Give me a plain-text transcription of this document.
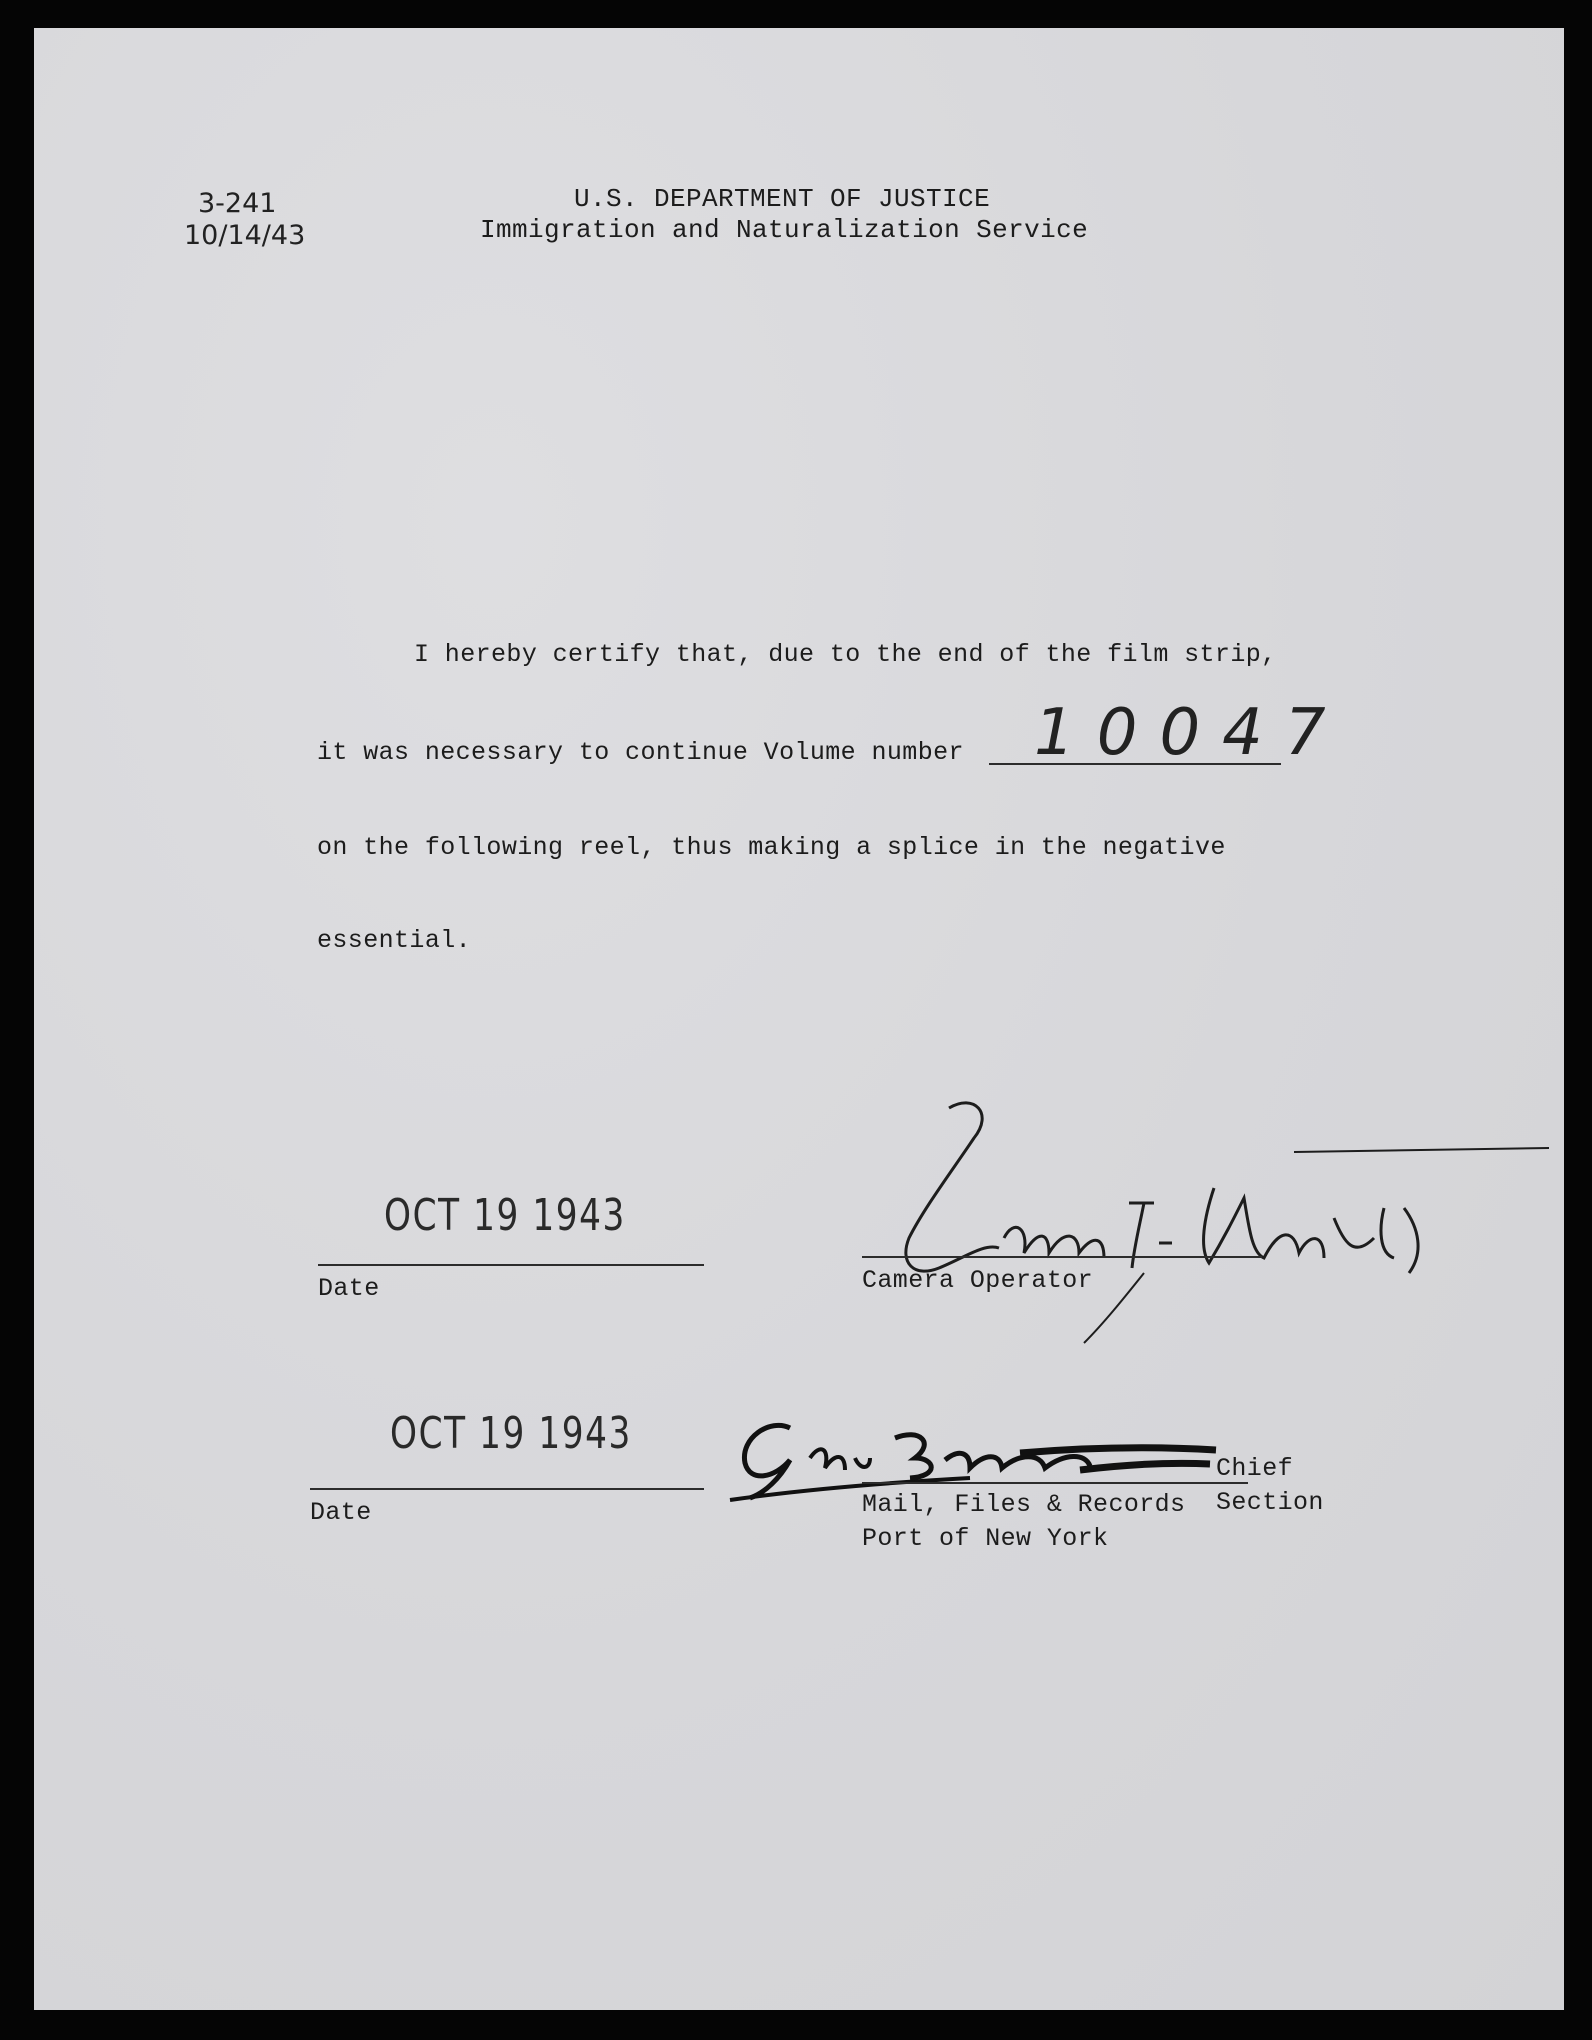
3-241
10/14/43
U.S. DEPARTMENT OF JUSTICE
Immigration and Naturalization Service
I hereby certify that, due to the end of the film strip,
it was necessary to continue Volume number 10047
on the following reel, thus making a splice in the negative
essential.
OCT 19 1943
Date	Camera Operator
OCT 19 1943
Date
Chief
Mail, Files & Records Section
Port of New York
